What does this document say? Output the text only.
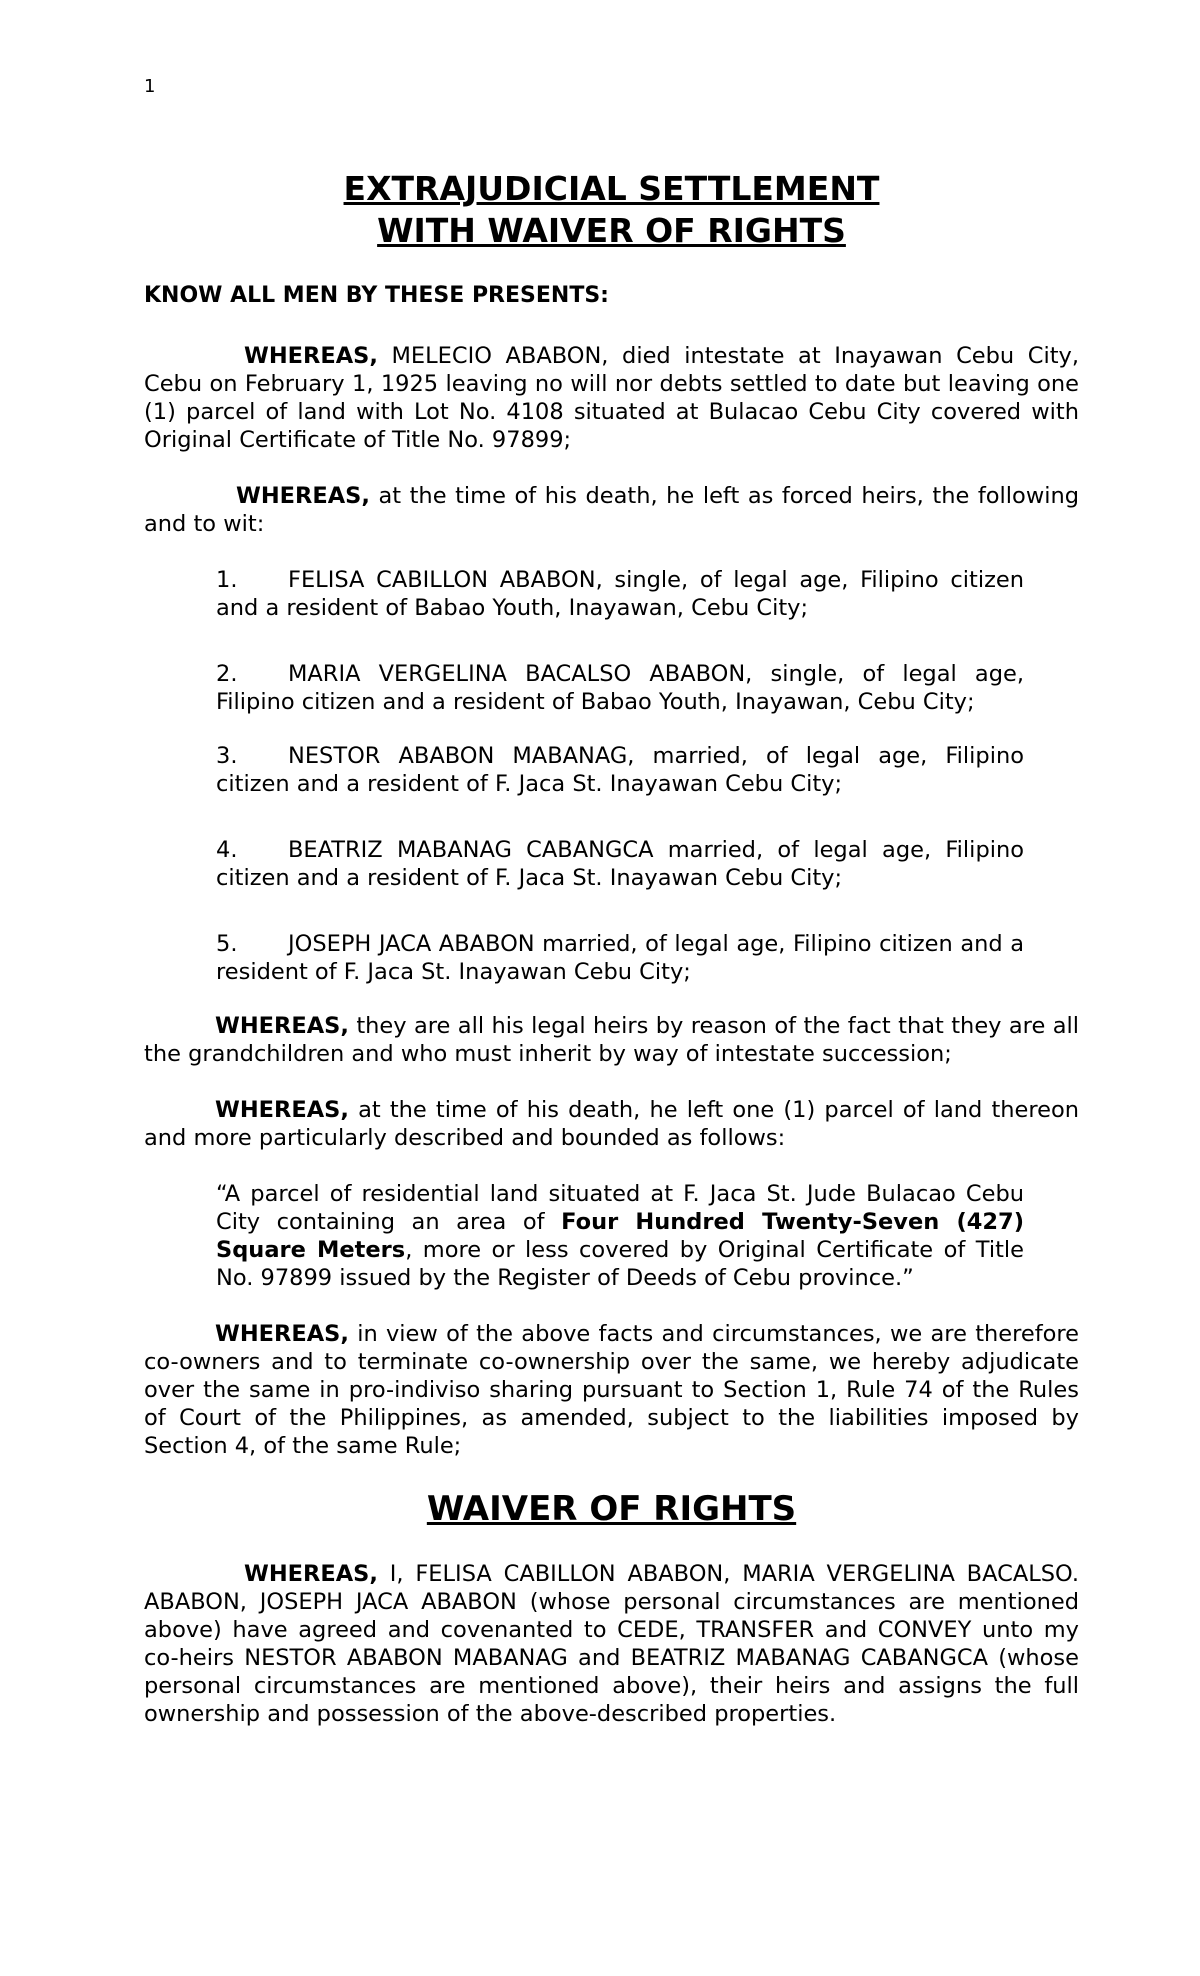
1

EXTRAJUDICIAL SETTLEMENT

WITH WAIVER OF RIGHTS

KNOW ALL MEN BY THESE PRESENTS:

WHEREAS, MELECIO ABABON, died intestate at Inayawan Cebu City, Cebu on February 1, 1925 leaving no will nor debts settled to date but leaving one (1) parcel of land with Lot No. 4108 situated at Bulacao Cebu City covered with Original Certificate of Title No. 97899;

WHEREAS, at the time of his death, he left as forced heirs, the following and to wit:

1. FELISA CABILLON ABABON, single, of legal age, Filipino citizen and a resident of Babao Youth, Inayawan, Cebu City;

2. MARIA VERGELINA BACALSO ABABON, single, of legal age, Filipino citizen and a resident of Babao Youth, Inayawan, Cebu City;

3. NESTOR ABABON MABANAG, married, of legal age, Filipino citizen and a resident of F. Jaca St. Inayawan Cebu City;

4. BEATRIZ MABANAG CABANGCA married, of legal age, Filipino citizen and a resident of F. Jaca St. Inayawan Cebu City;

5. JOSEPH JACA ABABON married, of legal age, Filipino citizen and a resident of F. Jaca St. Inayawan Cebu City;

WHEREAS, they are all his legal heirs by reason of the fact that they are all the grandchildren and who must inherit by way of intestate succession;

WHEREAS, at the time of his death, he left one (1) parcel of land thereon and more particularly described and bounded as follows:

“A parcel of residential land situated at F. Jaca St. Jude Bulacao Cebu City containing an area of Four Hundred Twenty-Seven (427) Square Meters, more or less covered by Original Certificate of Title No. 97899 issued by the Register of Deeds of Cebu province.”

WHEREAS, in view of the above facts and circumstances, we are therefore co-owners and to terminate co-ownership over the same, we hereby adjudicate over the same in pro-indiviso sharing pursuant to Section 1, Rule 74 of the Rules of Court of the Philippines, as amended, subject to the liabilities imposed by Section 4, of the same Rule;

WAIVER OF RIGHTS

WHEREAS, I, FELISA CABILLON ABABON, MARIA VERGELINA BACALSO. ABABON, JOSEPH JACA ABABON (whose personal circumstances are mentioned above) have agreed and covenanted to CEDE, TRANSFER and CONVEY unto my co-heirs NESTOR ABABON MABANAG and BEATRIZ MABANAG CABANGCA (whose personal circumstances are mentioned above), their heirs and assigns the full ownership and possession of the above-described properties.
